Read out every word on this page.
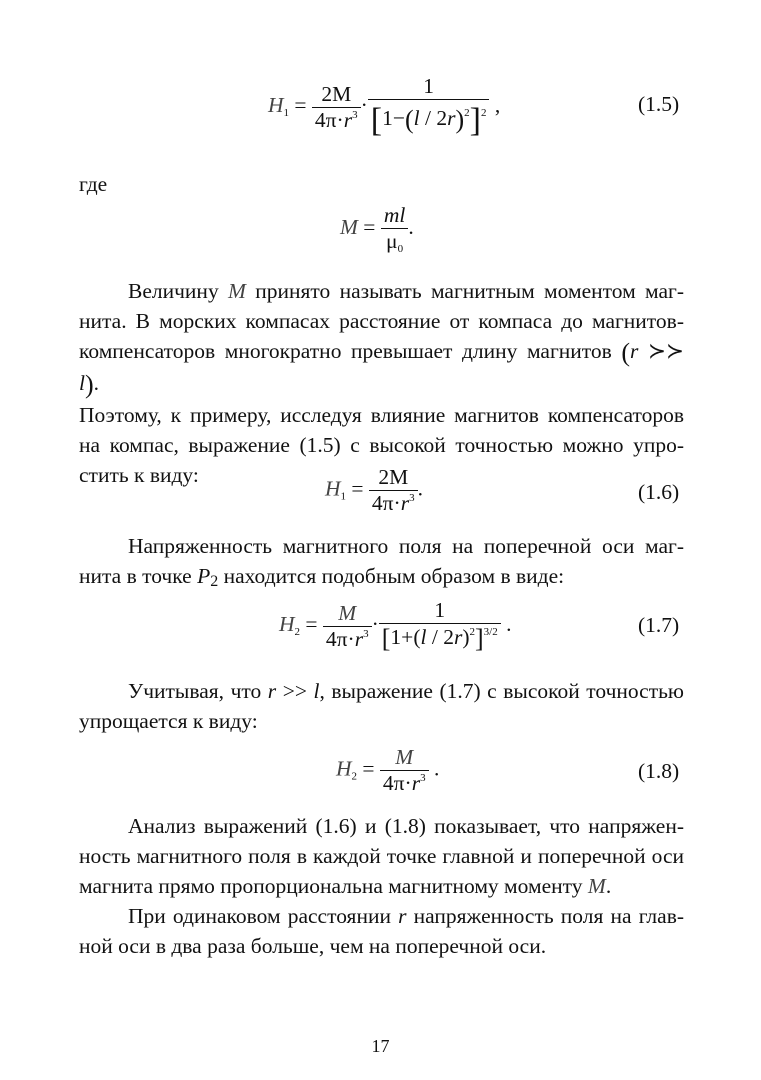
$H_1 = \frac{2M}{4\pi\cdot r^3} \cdot \frac{1}{[1-(l / 2r)^2]^2}$ ,	(1.5)
где
$M = \frac{ml}{\mu_0}$ .
Величину M принято называть магнитным моментом маг-
нита. В морских компасах расстояние от компаса до магнитов-
компенсаторов многократно превышает длину магнитов (r ≻≻ l).
Поэтому, к примеру, исследуя влияние магнитов компенсаторов
на компас, выражение (1.5) с высокой точностью можно упро-
стить к виду:
$H_1 = \frac{2M}{4\pi\cdot r^3}$ .	(1.6)
Напряженность магнитного поля на поперечной оси маг-
нита в точке P2 находится подобным образом в виде:
$H_2 = \frac{M}{4\pi\cdot r^3} \cdot \frac{1}{[1+(l / 2r)^2]^{3/2}}$ .	(1.7)
Учитывая, что r >> l, выражение (1.7) с высокой точностью
упрощается к виду:
$H_2 = \frac{M}{4\pi\cdot r^3}$ .	(1.8)
Анализ выражений (1.6) и (1.8) показывает, что напряжен-
ность магнитного поля в каждой точке главной и поперечной оси
магнита прямо пропорциональна магнитному моменту M.
При одинаковом расстоянии r напряженность поля на глав-
ной оси в два раза больше, чем на поперечной оси.
17
